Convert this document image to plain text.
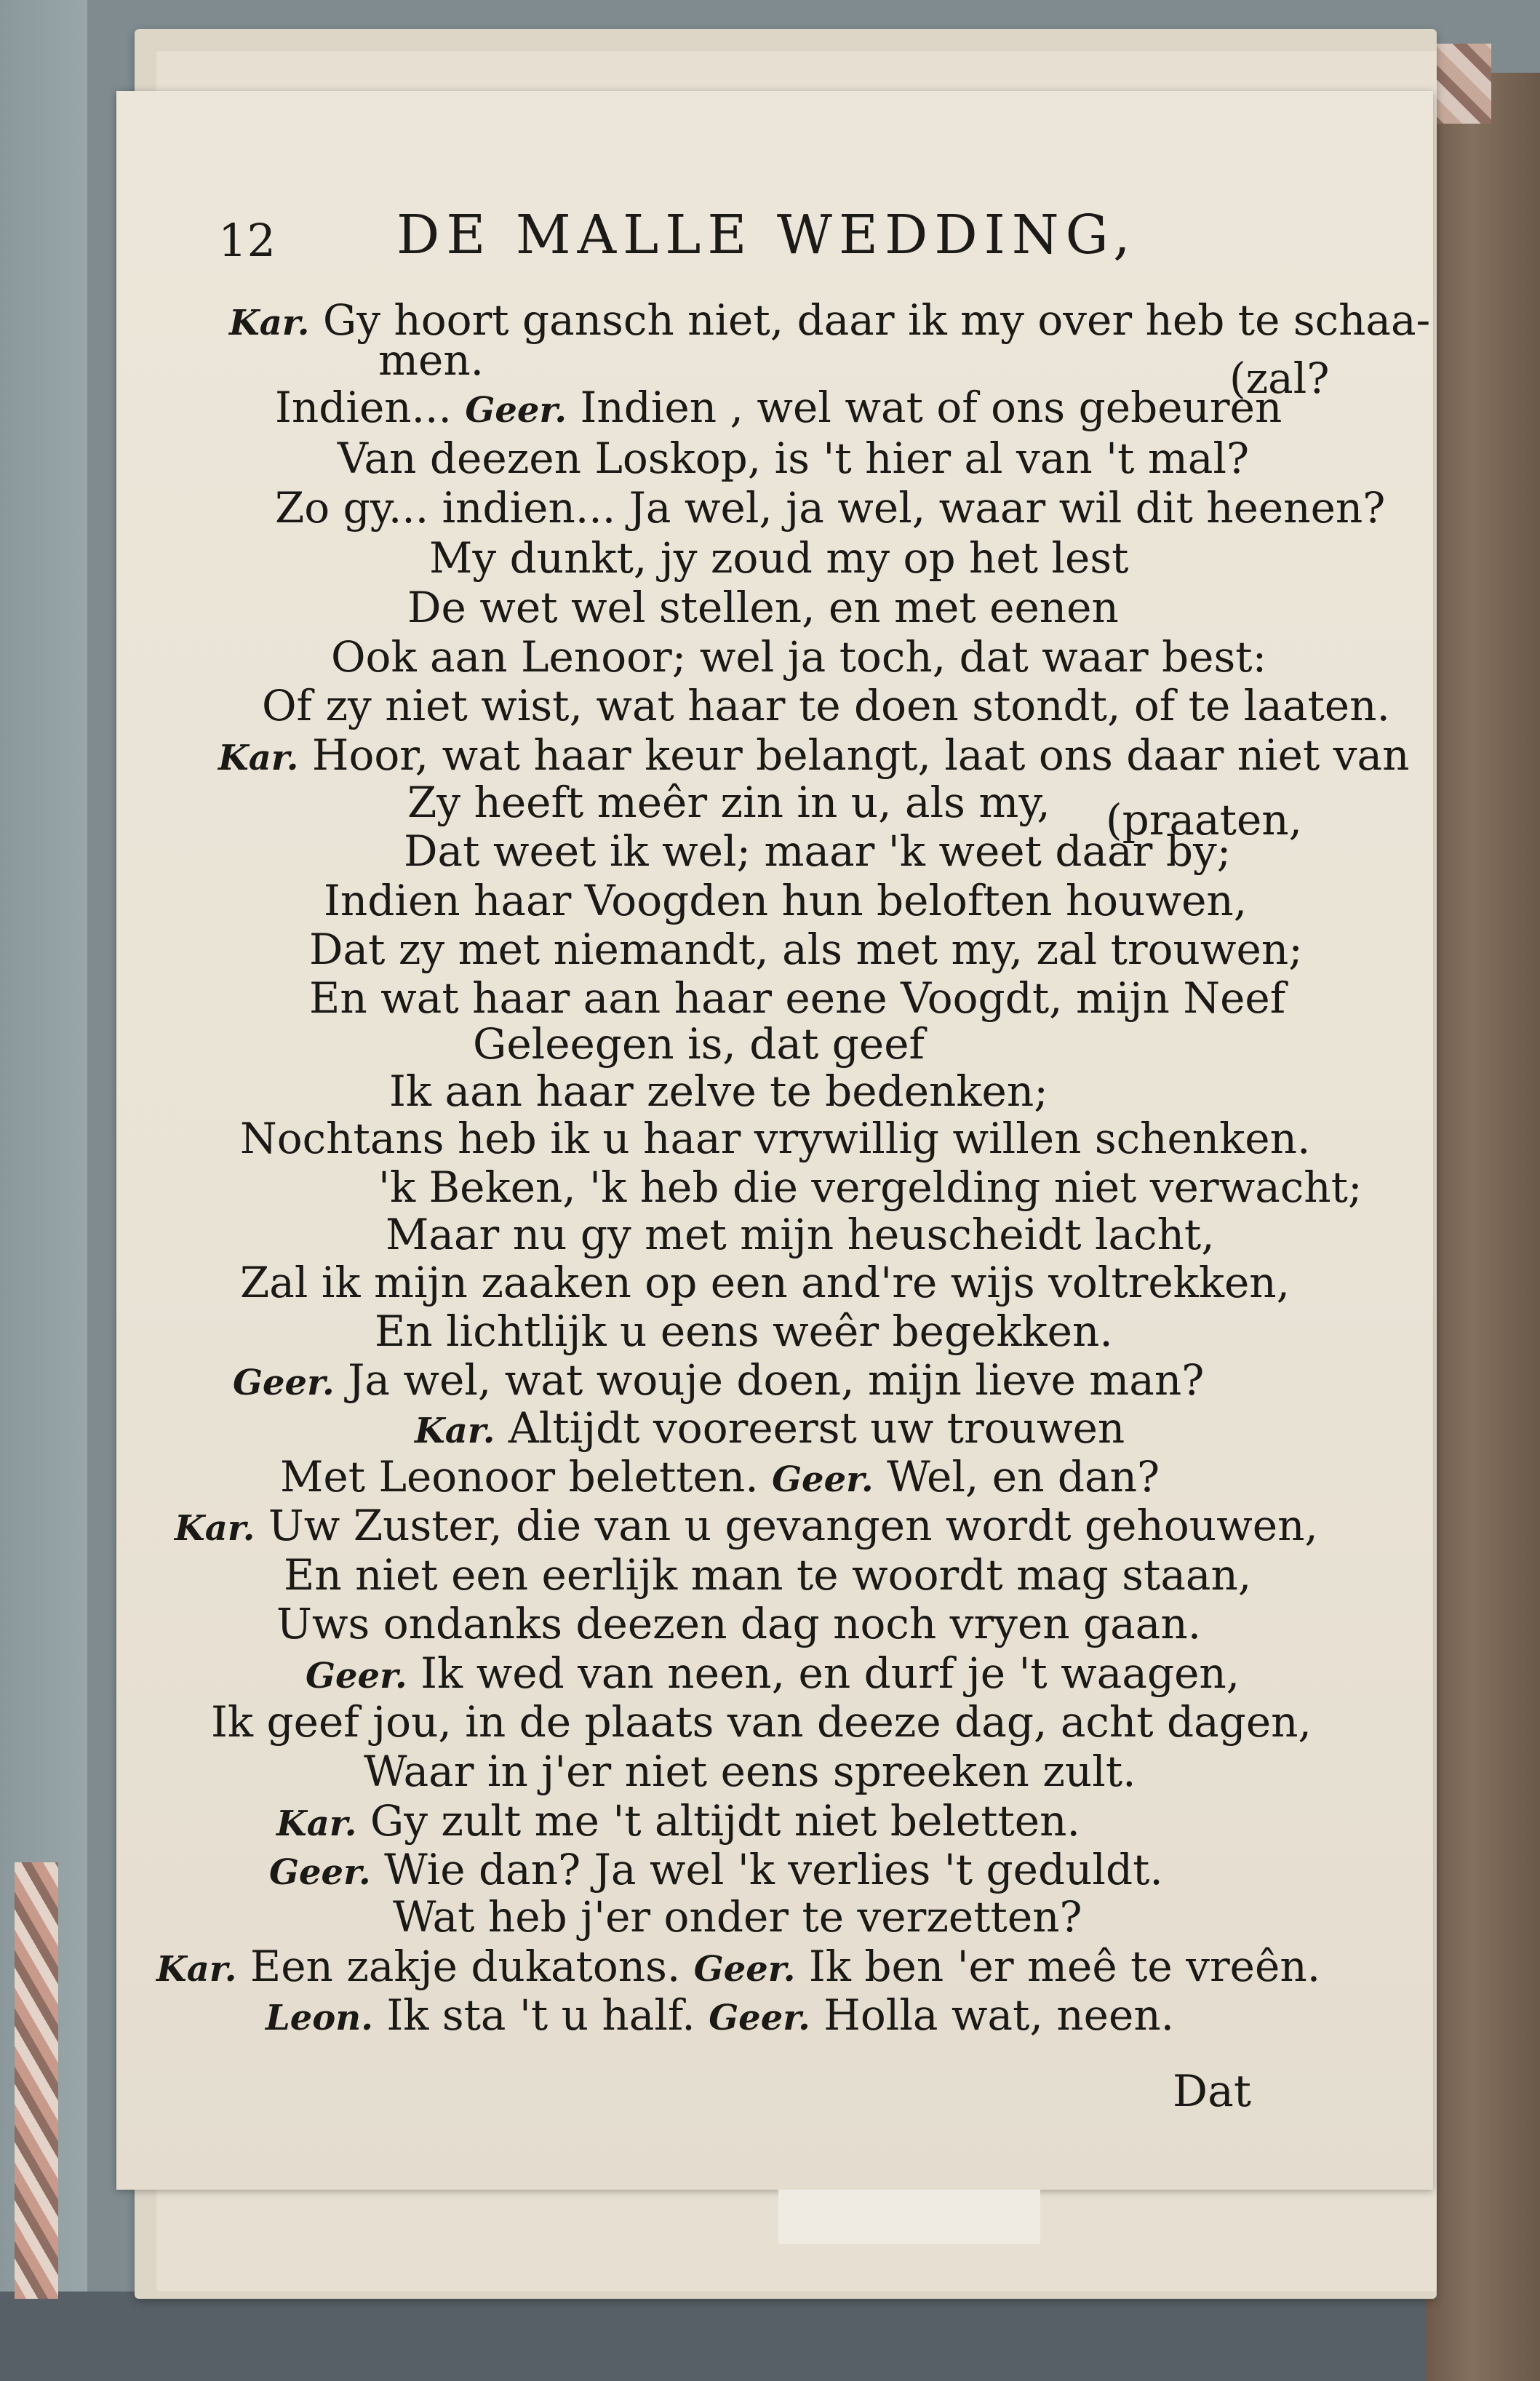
12 DE MALLE WEDDING,
Kar. Gy hoort gansch niet, daar ik my over heb te schaa-
men.	(zal?
Indien... Geer. Indien , wel wat of ons gebeuren
Van deezen Loskop, is 't hier al van 't mal?
Zo gy... indien... Ja wel, ja wel, waar wil dit heenen?
My dunkt, jy zoud my op het lest
De wet wel stellen, en met eenen
Ook aan Lenoor; wel ja toch, dat waar best:
Of zy niet wist, wat haar te doen stondt, of te laaten.
Kar. Hoor, wat haar keur belangt, laat ons daar niet van
Zy heeft meêr zin in u, als my, (praaten,
Dat weet ik wel; maar 'k weet daar by;
Indien haar Voogden hun beloften houwen,
Dat zy met niemandt, als met my, zal trouwen;
En wat haar aan haar eene Voogdt, mijn Neef
Geleegen is, dat geef
Ik aan haar zelve te bedenken;
Nochtans heb ik u haar vrywillig willen schenken.
'k Beken, 'k heb die vergelding niet verwacht;
Maar nu gy met mijn heuscheidt lacht,
Zal ik mijn zaaken op een and're wijs voltrekken,
En lichtlijk u eens weêr begekken.
Geer. Ja wel, wat wouje doen, mijn lieve man?
Kar. Altijdt vooreerst uw trouwen
Met Leonoor beletten. Geer. Wel, en dan?
Kar. Uw Zuster, die van u gevangen wordt gehouwen,
En niet een eerlijk man te woordt mag staan,
Uws ondanks deezen dag noch vryen gaan.
Geer. Ik wed van neen, en durf je 't waagen,
Ik geef jou, in de plaats van deeze dag, acht dagen,
Waar in j'er niet eens spreeken zult.
Kar. Gy zult me 't altijdt niet beletten.
Geer. Wie dan? Ja wel 'k verlies 't geduldt.
Wat heb j'er onder te verzetten?
Kar. Een zakje dukatons. Geer. Ik ben 'er meê te vreên.
Leon. Ik sta 't u half. Geer. Holla wat, neen.
Dat
